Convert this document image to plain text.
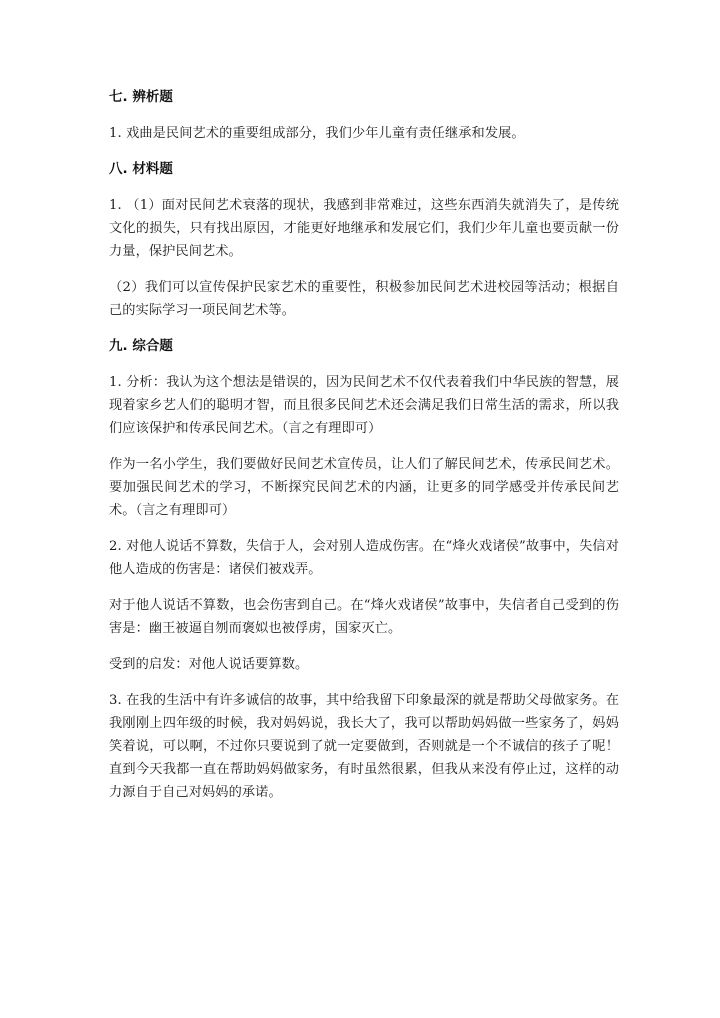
七. 辨析题

1. 戏曲是民间艺术的重要组成部分，我们少年儿童有责任继承和发展。

八. 材料题

1. （1）面对民间艺术衰落的现状，我感到非常难过，这些东西消失就消失了，是传统文化的损失，只有找出原因，才能更好地继承和发展它们，我们少年儿童也要贡献一份力量，保护民间艺术。

（2）我们可以宣传保护民家艺术的重要性，积极参加民间艺术进校园等活动；根据自己的实际学习一项民间艺术等。

九. 综合题

1. 分析：我认为这个想法是错误的，因为民间艺术不仅代表着我们中华民族的智慧，展现着家乡艺人们的聪明才智，而且很多民间艺术还会满足我们日常生活的需求，所以我们应该保护和传承民间艺术。（言之有理即可）

作为一名小学生，我们要做好民间艺术宣传员，让人们了解民间艺术，传承民间艺术。要加强民间艺术的学习，不断探究民间艺术的内涵，让更多的同学感受并传承民间艺术。（言之有理即可）

2. 对他人说话不算数，失信于人，会对别人造成伤害。在“烽火戏诸侯”故事中，失信对他人造成的伤害是：诸侯们被戏弄。

对于他人说话不算数，也会伤害到自己。在“烽火戏诸侯”故事中，失信者自己受到的伤害是：幽王被逼自刎而褒姒也被俘虏，国家灭亡。

受到的启发：对他人说话要算数。

3. 在我的生活中有许多诚信的故事，其中给我留下印象最深的就是帮助父母做家务。在我刚刚上四年级的时候，我对妈妈说，我长大了，我可以帮助妈妈做一些家务了，妈妈笑着说，可以啊，不过你只要说到了就一定要做到，否则就是一个不诚信的孩子了呢！直到今天我都一直在帮助妈妈做家务，有时虽然很累，但我从来没有停止过，这样的动力源自于自己对妈妈的承诺。
